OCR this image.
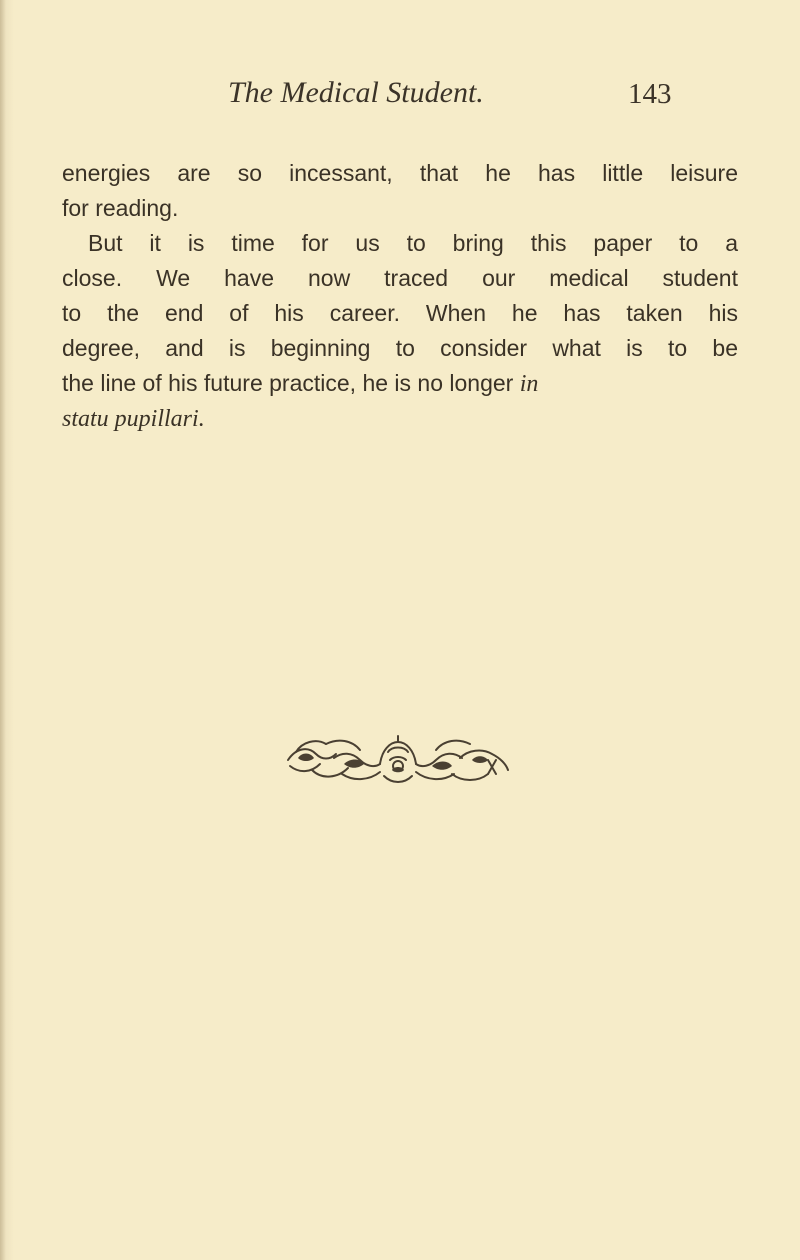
The Medical Student.	143
energies are so incessant, that he has little leisure
for reading.
But it is time for us to bring this paper to a
close. We have now traced our medical student
to the end of his career. When he has taken his
degree, and is beginning to consider what is to be
the line of his future practice, he is no longer in
statu pupillari.
